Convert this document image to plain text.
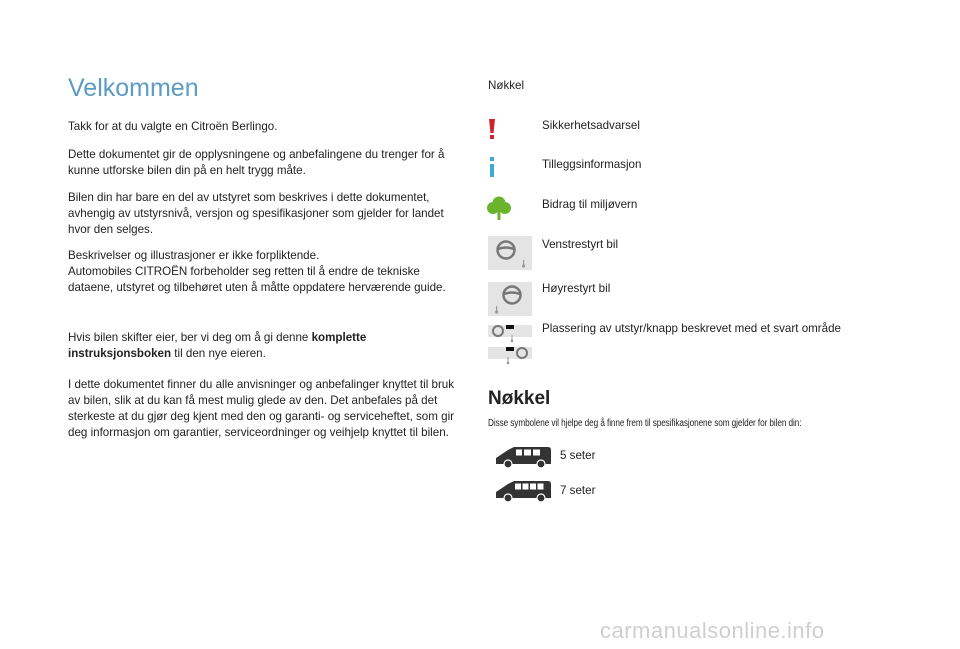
Velkommen

Takk for at du valgte en Citroën Berlingo.

Dette dokumentet gir de opplysningene og anbefalingene du trenger for å kunne utforske bilen din på en helt trygg måte.

Bilen din har bare en del av utstyret som beskrives i dette dokumentet, avhengig av utstyrsnivå, versjon og spesifikasjoner som gjelder for landet hvor den selges.

Beskrivelser og illustrasjoner er ikke forpliktende.
Automobiles CITROËN forbeholder seg retten til å endre de tekniske dataene, utstyret og tilbehøret uten å måtte oppdatere herværende guide.

Hvis bilen skifter eier, ber vi deg om å gi denne komplette instruksjonsboken til den nye eieren.

I dette dokumentet finner du alle anvisninger og anbefalinger knyttet til bruk av bilen, slik at du kan få mest mulig glede av den. Det anbefales på det sterkeste at du gjør deg kjent med den og garanti- og serviceheftet, som gir deg informasjon om garantier, serviceordninger og veihjelp knyttet til bilen.

Nøkkel
Sikkerhetsadvarsel
Tilleggsinformasjon
Bidrag til miljøvern
Venstrestyrt bil
Høyrestyrt bil
Plassering av utstyr/knapp beskrevet med et svart område
Nøkkel
Disse symbolene vil hjelpe deg å finne frem til spesifikasjonene som gjelder for bilen din:
5 seter
7 seter
carmanualsonline.info
